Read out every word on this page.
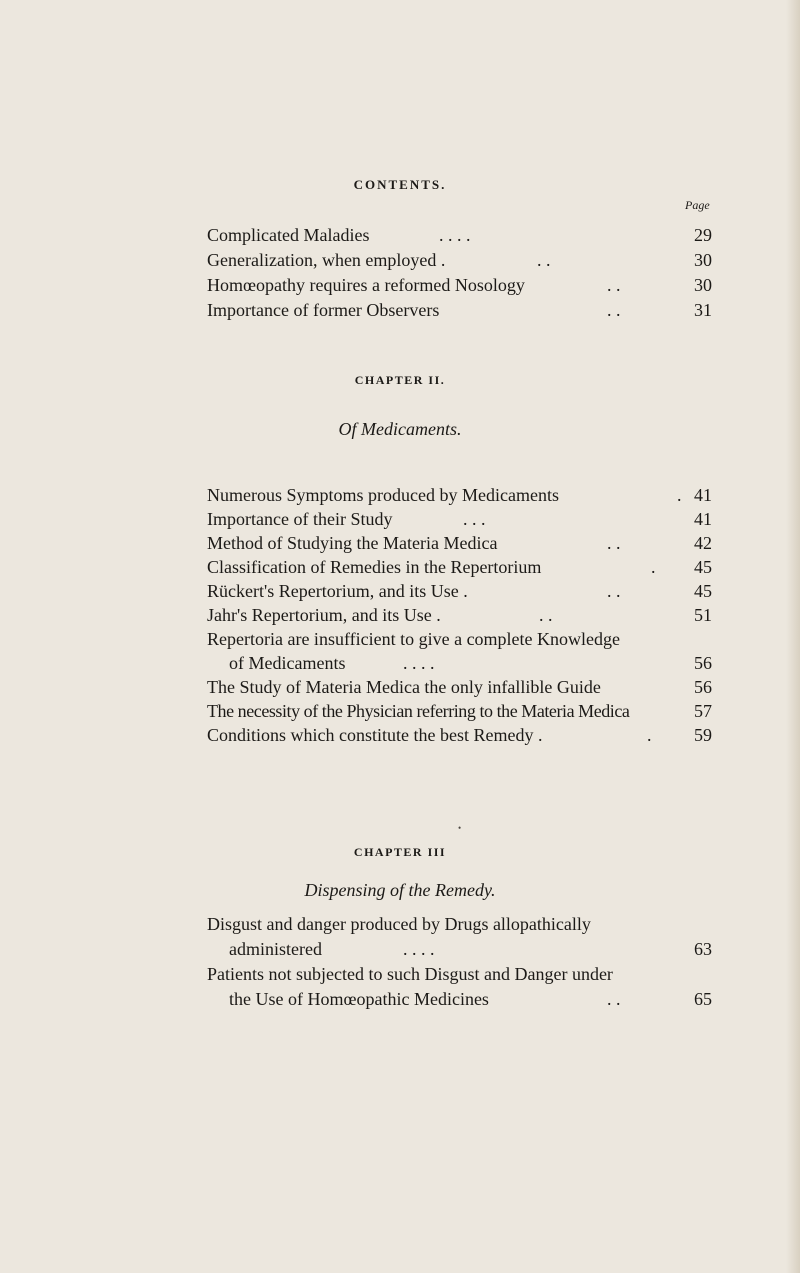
CONTENTS.
Page
Complicated Maladies	. . . .	29
Generalization, when employed .	. .	30
Homœopathy requires a reformed Nosology	. .	30
Importance of former Observers	. .	31
CHAPTER II.
Of Medicaments.
Numerous Symptoms produced by Medicaments	. 41
Importance of their Study	. . .	41
Method of Studying the Materia Medica	. .	42
Classification of Remedies in the Repertorium	. 45
Rückert's Repertorium, and its Use .	. .	45
Jahr's Repertorium, and its Use .	. .	51
Repertoria are insufficient to give a complete Knowledge
of Medicaments	. . . .	56
The Study of Materia Medica the only infallible Guide	56
The necessity of the Physician referring to the Materia Medica	57
Conditions which constitute the best Remedy .	. 59
•
CHAPTER III
Dispensing of the Remedy.
Disgust and danger produced by Drugs allopathically
administered	. . . .	63
Patients not subjected to such Disgust and Danger under
the Use of Homœopathic Medicines	. .	65
